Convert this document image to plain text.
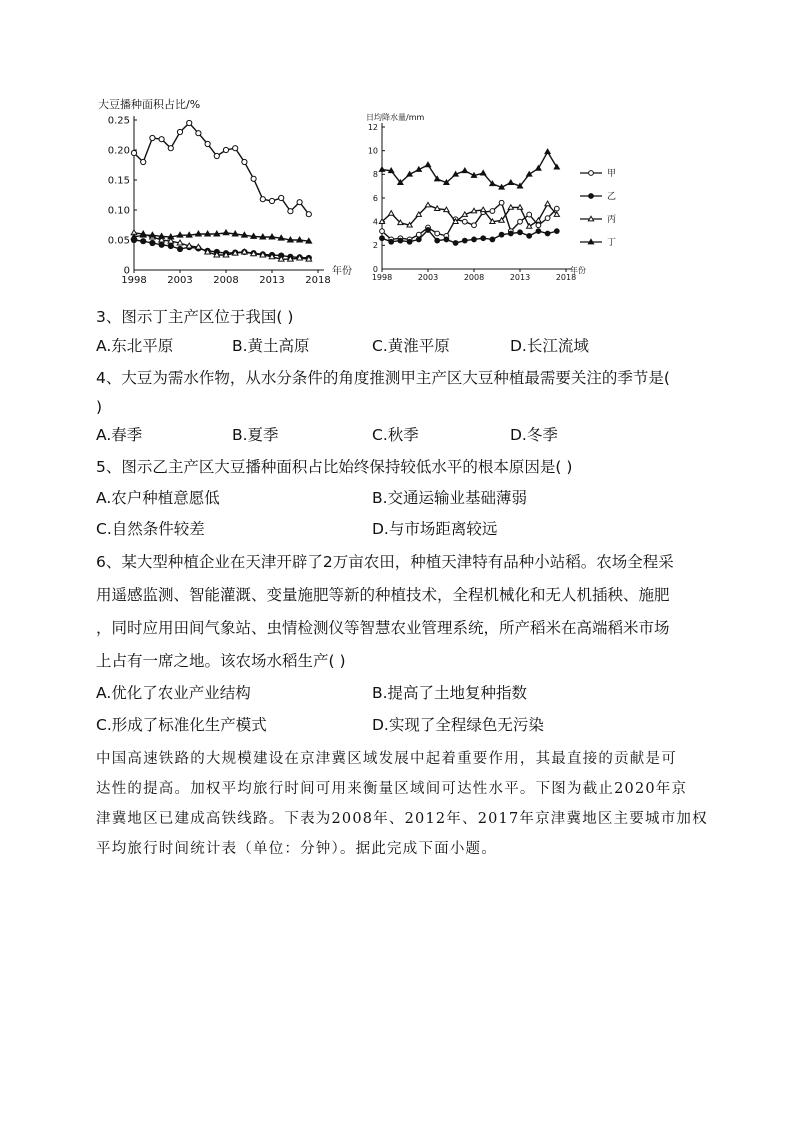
大豆播种面积占比/%
0
0.05
0.10
0.15
0.20
0.25
1998 2003 2008 2013 2018
年份
日均降水量/mm
0
2
4
6
8
10
12
1998	2003	2008	2013	2018
甲
乙
丙
丁
年份
3、图示丁主产区位于我国( )
A.东北平原	B.黄土高原	C.黄淮平原	D.长江流域
4、大豆为需水作物，从水分条件的角度推测甲主产区大豆种植最需要关注的季节是(
)
A.春季	B.夏季	C.秋季	D.冬季
5、图示乙主产区大豆播种面积占比始终保持较低水平的根本原因是( )
A.农户种植意愿低	B.交通运输业基础薄弱
C.自然条件较差	D.与市场距离较远
6、某大型种植企业在天津开辟了2万亩农田，种植天津特有品种小站稻。农场全程采
用遥感监测、智能灌溉、变量施肥等新的种植技术，全程机械化和无人机插秧、施肥
，同时应用田间气象站、虫情检测仪等智慧农业管理系统，所产稻米在高端稻米市场
上占有一席之地。该农场水稻生产( )
A.优化了农业产业结构	B.提高了土地复种指数
C.形成了标准化生产模式	D.实现了全程绿色无污染
中国高速铁路的大规模建设在京津冀区域发展中起着重要作用，其最直接的贡献是可
达性的提高。加权平均旅行时间可用来衡量区域间可达性水平。下图为截止2020年京
津冀地区已建成高铁线路。下表为2008年、2012年、2017年京津冀地区主要城市加权
平均旅行时间统计表（单位：分钟）。据此完成下面小题。
